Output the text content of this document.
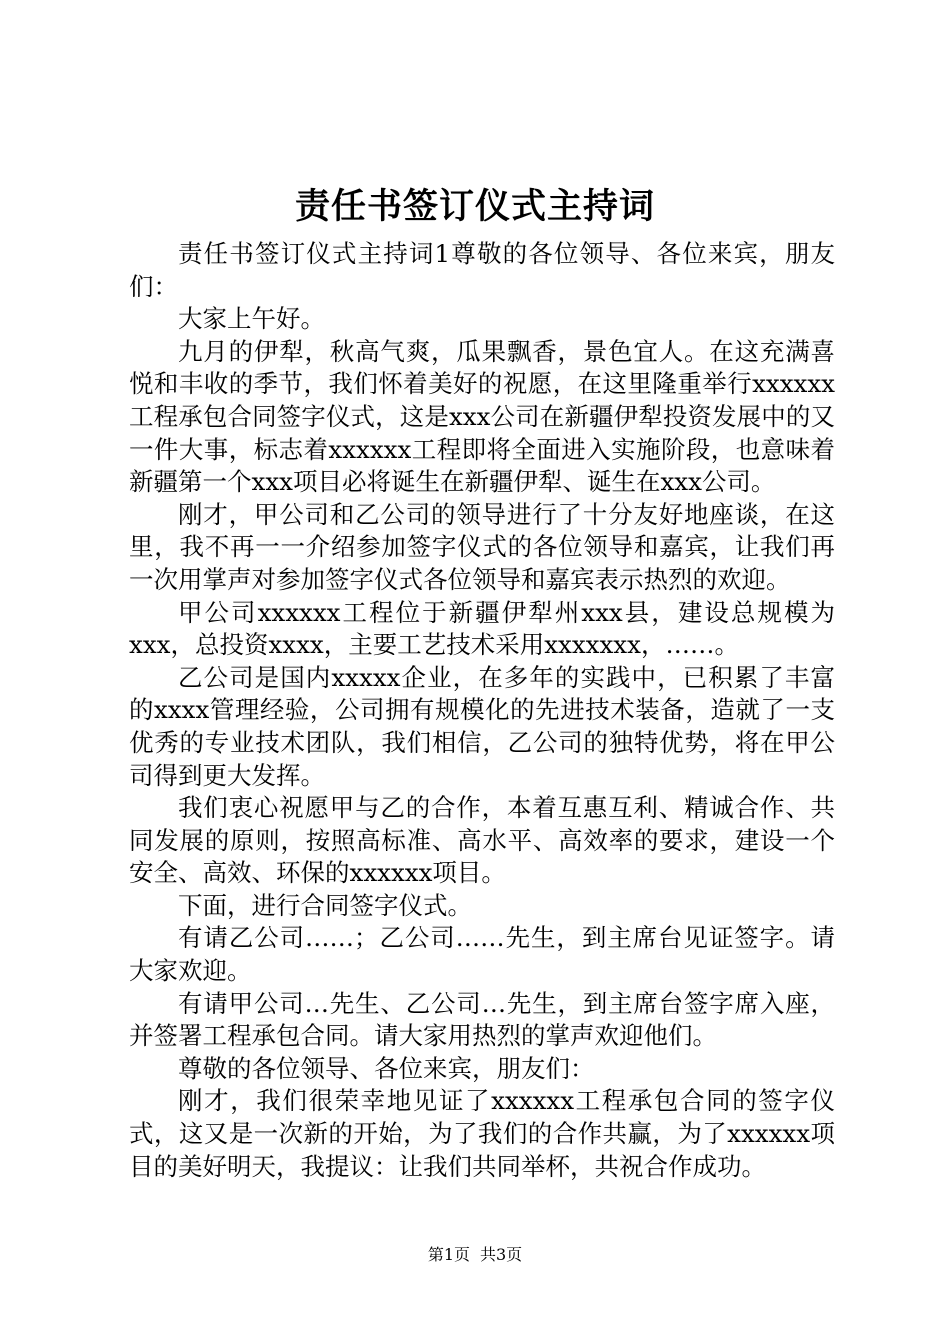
责任书签订仪式主持词

责任书签订仪式主持词1尊敬的各位领导、各位来宾，朋友们：

大家上午好。

九月的伊犁，秋高气爽，瓜果飘香，景色宜人。在这充满喜悦和丰收的季节，我们怀着美好的祝愿，在这里隆重举行xxxxxx工程承包合同签字仪式，这是xxx公司在新疆伊犁投资发展中的又一件大事，标志着xxxxxx工程即将全面进入实施阶段，也意味着新疆第一个xxx项目必将诞生在新疆伊犁、诞生在xxx公司。

刚才，甲公司和乙公司的领导进行了十分友好地座谈，在这里，我不再一一介绍参加签字仪式的各位领导和嘉宾，让我们再一次用掌声对参加签字仪式各位领导和嘉宾表示热烈的欢迎。

甲公司xxxxxx工程位于新疆伊犁州xxx县，建设总规模为xxx，总投资xxxx，主要工艺技术采用xxxxxxx，……。

乙公司是国内xxxxx企业，在多年的实践中，已积累了丰富的xxxx管理经验，公司拥有规模化的先进技术装备，造就了一支优秀的专业技术团队，我们相信，乙公司的独特优势，将在甲公司得到更大发挥。

我们衷心祝愿甲与乙的合作，本着互惠互利、精诚合作、共同发展的原则，按照高标准、高水平、高效率的要求，建设一个安全、高效、环保的xxxxxx项目。

下面，进行合同签字仪式。

有请乙公司……；乙公司……先生，到主席台见证签字。请大家欢迎。

有请甲公司…先生、乙公司…先生，到主席台签字席入座，并签署工程承包合同。请大家用热烈的掌声欢迎他们。

尊敬的各位领导、各位来宾，朋友们：

刚才，我们很荣幸地见证了xxxxxx工程承包合同的签字仪式，这又是一次新的开始，为了我们的合作共赢，为了xxxxxx项目的美好明天，我提议：让我们共同举杯，共祝合作成功。

第1页 共3页
